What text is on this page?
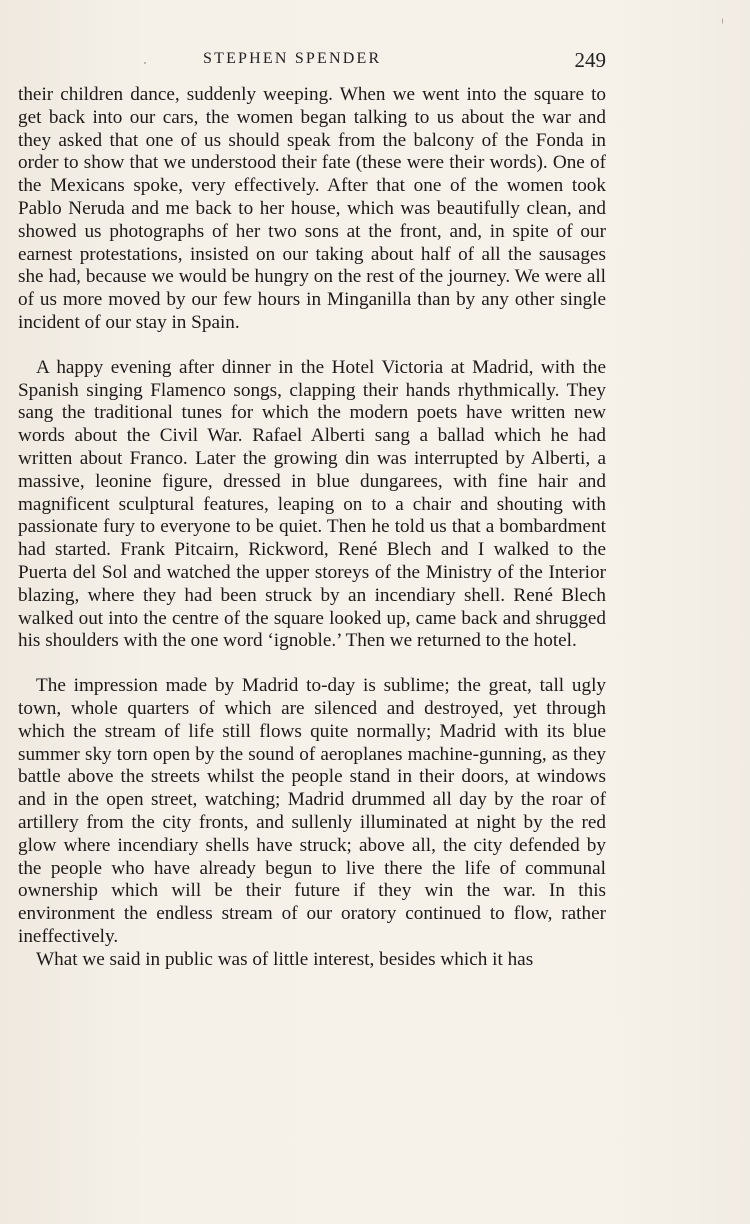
STEPHEN SPENDER	249

their children dance, suddenly weeping. When we went into the square to get back into our cars, the women began talking to us about the war and they asked that one of us should speak from the balcony of the Fonda in order to show that we understood their fate (these were their words). One of the Mexicans spoke, very effectively. After that one of the women took Pablo Neruda and me back to her house, which was beautifully clean, and showed us photographs of her two sons at the front, and, in spite of our earnest protestations, insisted on our taking about half of all the sausages she had, because we would be hungry on the rest of the journey. We were all of us more moved by our few hours in Minganilla than by any other single incident of our stay in Spain.

A happy evening after dinner in the Hotel Victoria at Madrid, with the Spanish singing Flamenco songs, clapping their hands rhythmically. They sang the traditional tunes for which the modern poets have written new words about the Civil War. Rafael Alberti sang a ballad which he had written about Franco. Later the growing din was interrupted by Alberti, a massive, leonine figure, dressed in blue dungarees, with fine hair and magnificent sculptural features, leaping on to a chair and shouting with passionate fury to everyone to be quiet. Then he told us that a bombardment had started. Frank Pitcairn, Rickword, René Blech and I walked to the Puerta del Sol and watched the upper storeys of the Ministry of the Interior blazing, where they had been struck by an incendiary shell. René Blech walked out into the centre of the square looked up, came back and shrugged his shoulders with the one word ‘ignoble.’ Then we returned to the hotel.

The impression made by Madrid to-day is sublime; the great, tall ugly town, whole quarters of which are silenced and destroyed, yet through which the stream of life still flows quite normally; Madrid with its blue summer sky torn open by the sound of aeroplanes machine-gunning, as they battle above the streets whilst the people stand in their doors, at windows and in the open street, watching; Madrid drummed all day by the roar of artillery from the city fronts, and sullenly illuminated at night by the red glow where incendiary shells have struck; above all, the city defended by the people who have already begun to live there the life of communal ownership which will be their future if they win the war. In this environment the endless stream of our oratory continued to flow, rather ineffectively.

What we said in public was of little interest, besides which it has
